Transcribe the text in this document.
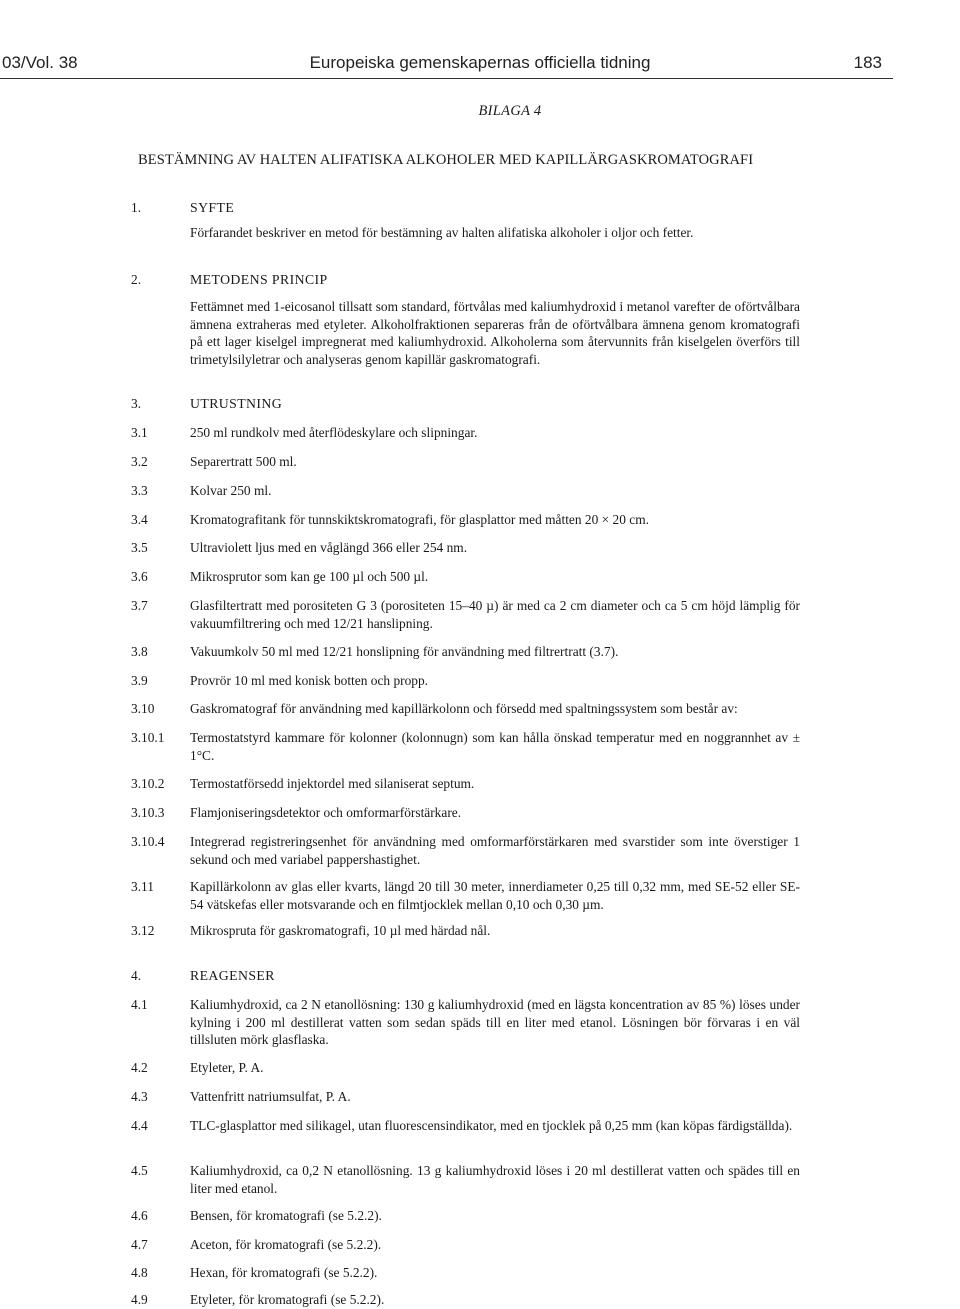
03/Vol. 38	Europeiska gemenskapernas officiella tidning	183
BILAGA 4
BESTÄMNING AV HALTEN ALIFATISKA ALKOHOLER MED KAPILLÄRGASKROMATOGRAFI
1.	SYFTE
Förfarandet beskriver en metod för bestämning av halten alifatiska alkoholer i oljor och fetter.
2.	METODENS PRINCIP
Fettämnet med 1-eicosanol tillsatt som standard, förtvålas med kaliumhydroxid i metanol varefter de oförtvålbara ämnena extraheras med etyleter. Alkoholfraktionen separeras från de oförtvålbara ämnena genom kromatografi på ett lager kiselgel impregnerat med kaliumhydroxid. Alkoholerna som återvunnits från kiselgelen överförs till trimetylsilyletrar och analyseras genom kapillär gaskromatografi.
3.	UTRUSTNING
3.1	250 ml rundkolv med återflödeskylare och slipningar.
3.2	Separertratt 500 ml.
3.3	Kolvar 250 ml.
3.4	Kromatografitank för tunnskiktskromatografi, för glasplattor med måtten 20 × 20 cm.
3.5	Ultraviolett ljus med en våglängd 366 eller 254 nm.
3.6	Mikrosprutor som kan ge 100 µl och 500 µl.
3.7	Glasfiltertratt med porositeten G 3 (porositeten 15–40 µ) är med ca 2 cm diameter och ca 5 cm höjd lämplig för vakuumfiltrering och med 12/21 hanslipning.
3.8	Vakuumkolv 50 ml med 12/21 honslipning för användning med filtrertratt (3.7).
3.9	Provrör 10 ml med konisk botten och propp.
3.10	Gaskromatograf för användning med kapillärkolonn och försedd med spaltningssystem som består av:
3.10.1 Termostatstyrd kammare för kolonner (kolonnugn) som kan hålla önskad temperatur med en noggrannhet av ± 1°C.
3.10.2 Termostatförsedd injektordel med silaniserat septum.
3.10.3 Flamjoniseringsdetektor och omformarförstärkare.
3.10.4 Integrerad registreringsenhet för användning med omformarförstärkaren med svarstider som inte överstiger 1 sekund och med variabel pappershastighet.
3.11	Kapillärkolonn av glas eller kvarts, längd 20 till 30 meter, innerdiameter 0,25 till 0,32 mm, med SE-52 eller SE-54 vätskefas eller motsvarande och en filmtjocklek mellan 0,10 och 0,30 µm.
3.12	Mikrospruta för gaskromatografi, 10 µl med härdad nål.
4.	REAGENSER
4.1	Kaliumhydroxid, ca 2 N etanollösning: 130 g kaliumhydroxid (med en lägsta koncentration av 85 %) löses under kylning i 200 ml destillerat vatten som sedan späds till en liter med etanol. Lösningen bör förvaras i en väl tillsluten mörk glasflaska.
4.2	Etyleter, P. A.
4.3	Vattenfritt natriumsulfat, P. A.
4.4	TLC-glasplattor med silikagel, utan fluorescensindikator, med en tjocklek på 0,25 mm (kan köpas färdigställda).
4.5	Kaliumhydroxid, ca 0,2 N etanollösning. 13 g kaliumhydroxid löses i 20 ml destillerat vatten och spädes till en liter med etanol.
4.6	Bensen, för kromatografi (se 5.2.2).
4.7	Aceton, för kromatografi (se 5.2.2).
4.8	Hexan, för kromatografi (se 5.2.2).
4.9	Etyleter, för kromatografi (se 5.2.2).
